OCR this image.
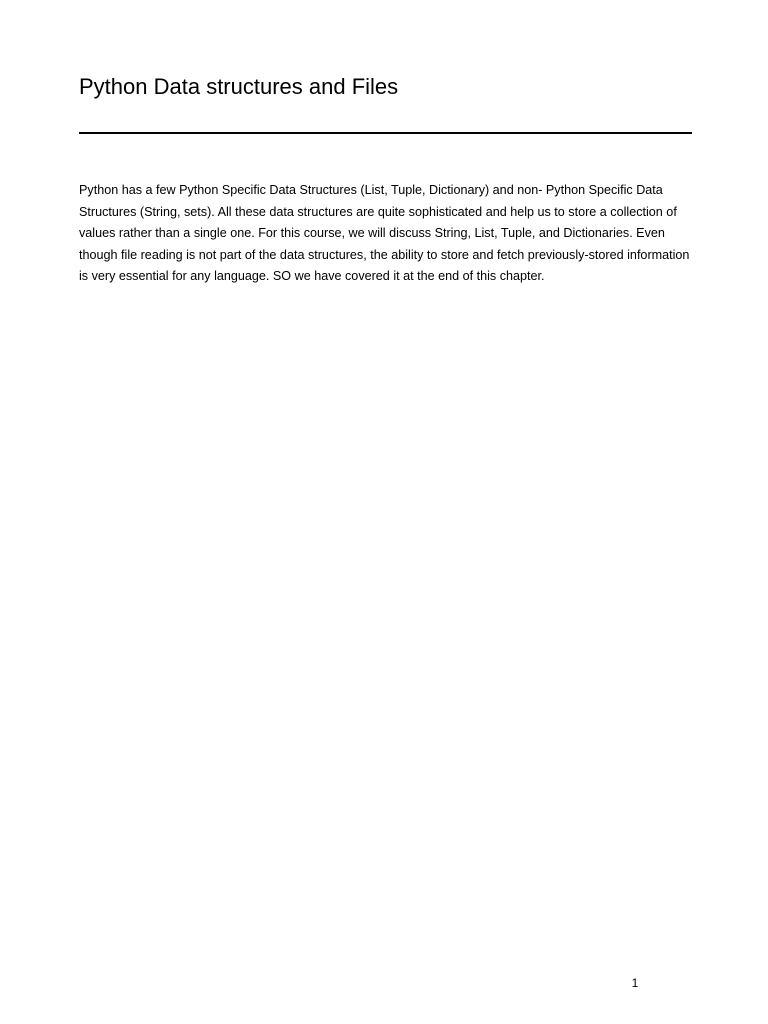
Python Data structures and Files

Python has a few Python Specific Data Structures (List, Tuple, Dictionary) and non- Python Specific Data Structures (String, sets). All these data structures are quite sophisticated and help us to store a collection of values rather than a single one. For this course, we will discuss String, List, Tuple, and Dictionaries. Even though file reading is not part of the data structures, the ability to store and fetch previously-stored information is very essential for any language. SO we have covered it at the end of this chapter.

1
